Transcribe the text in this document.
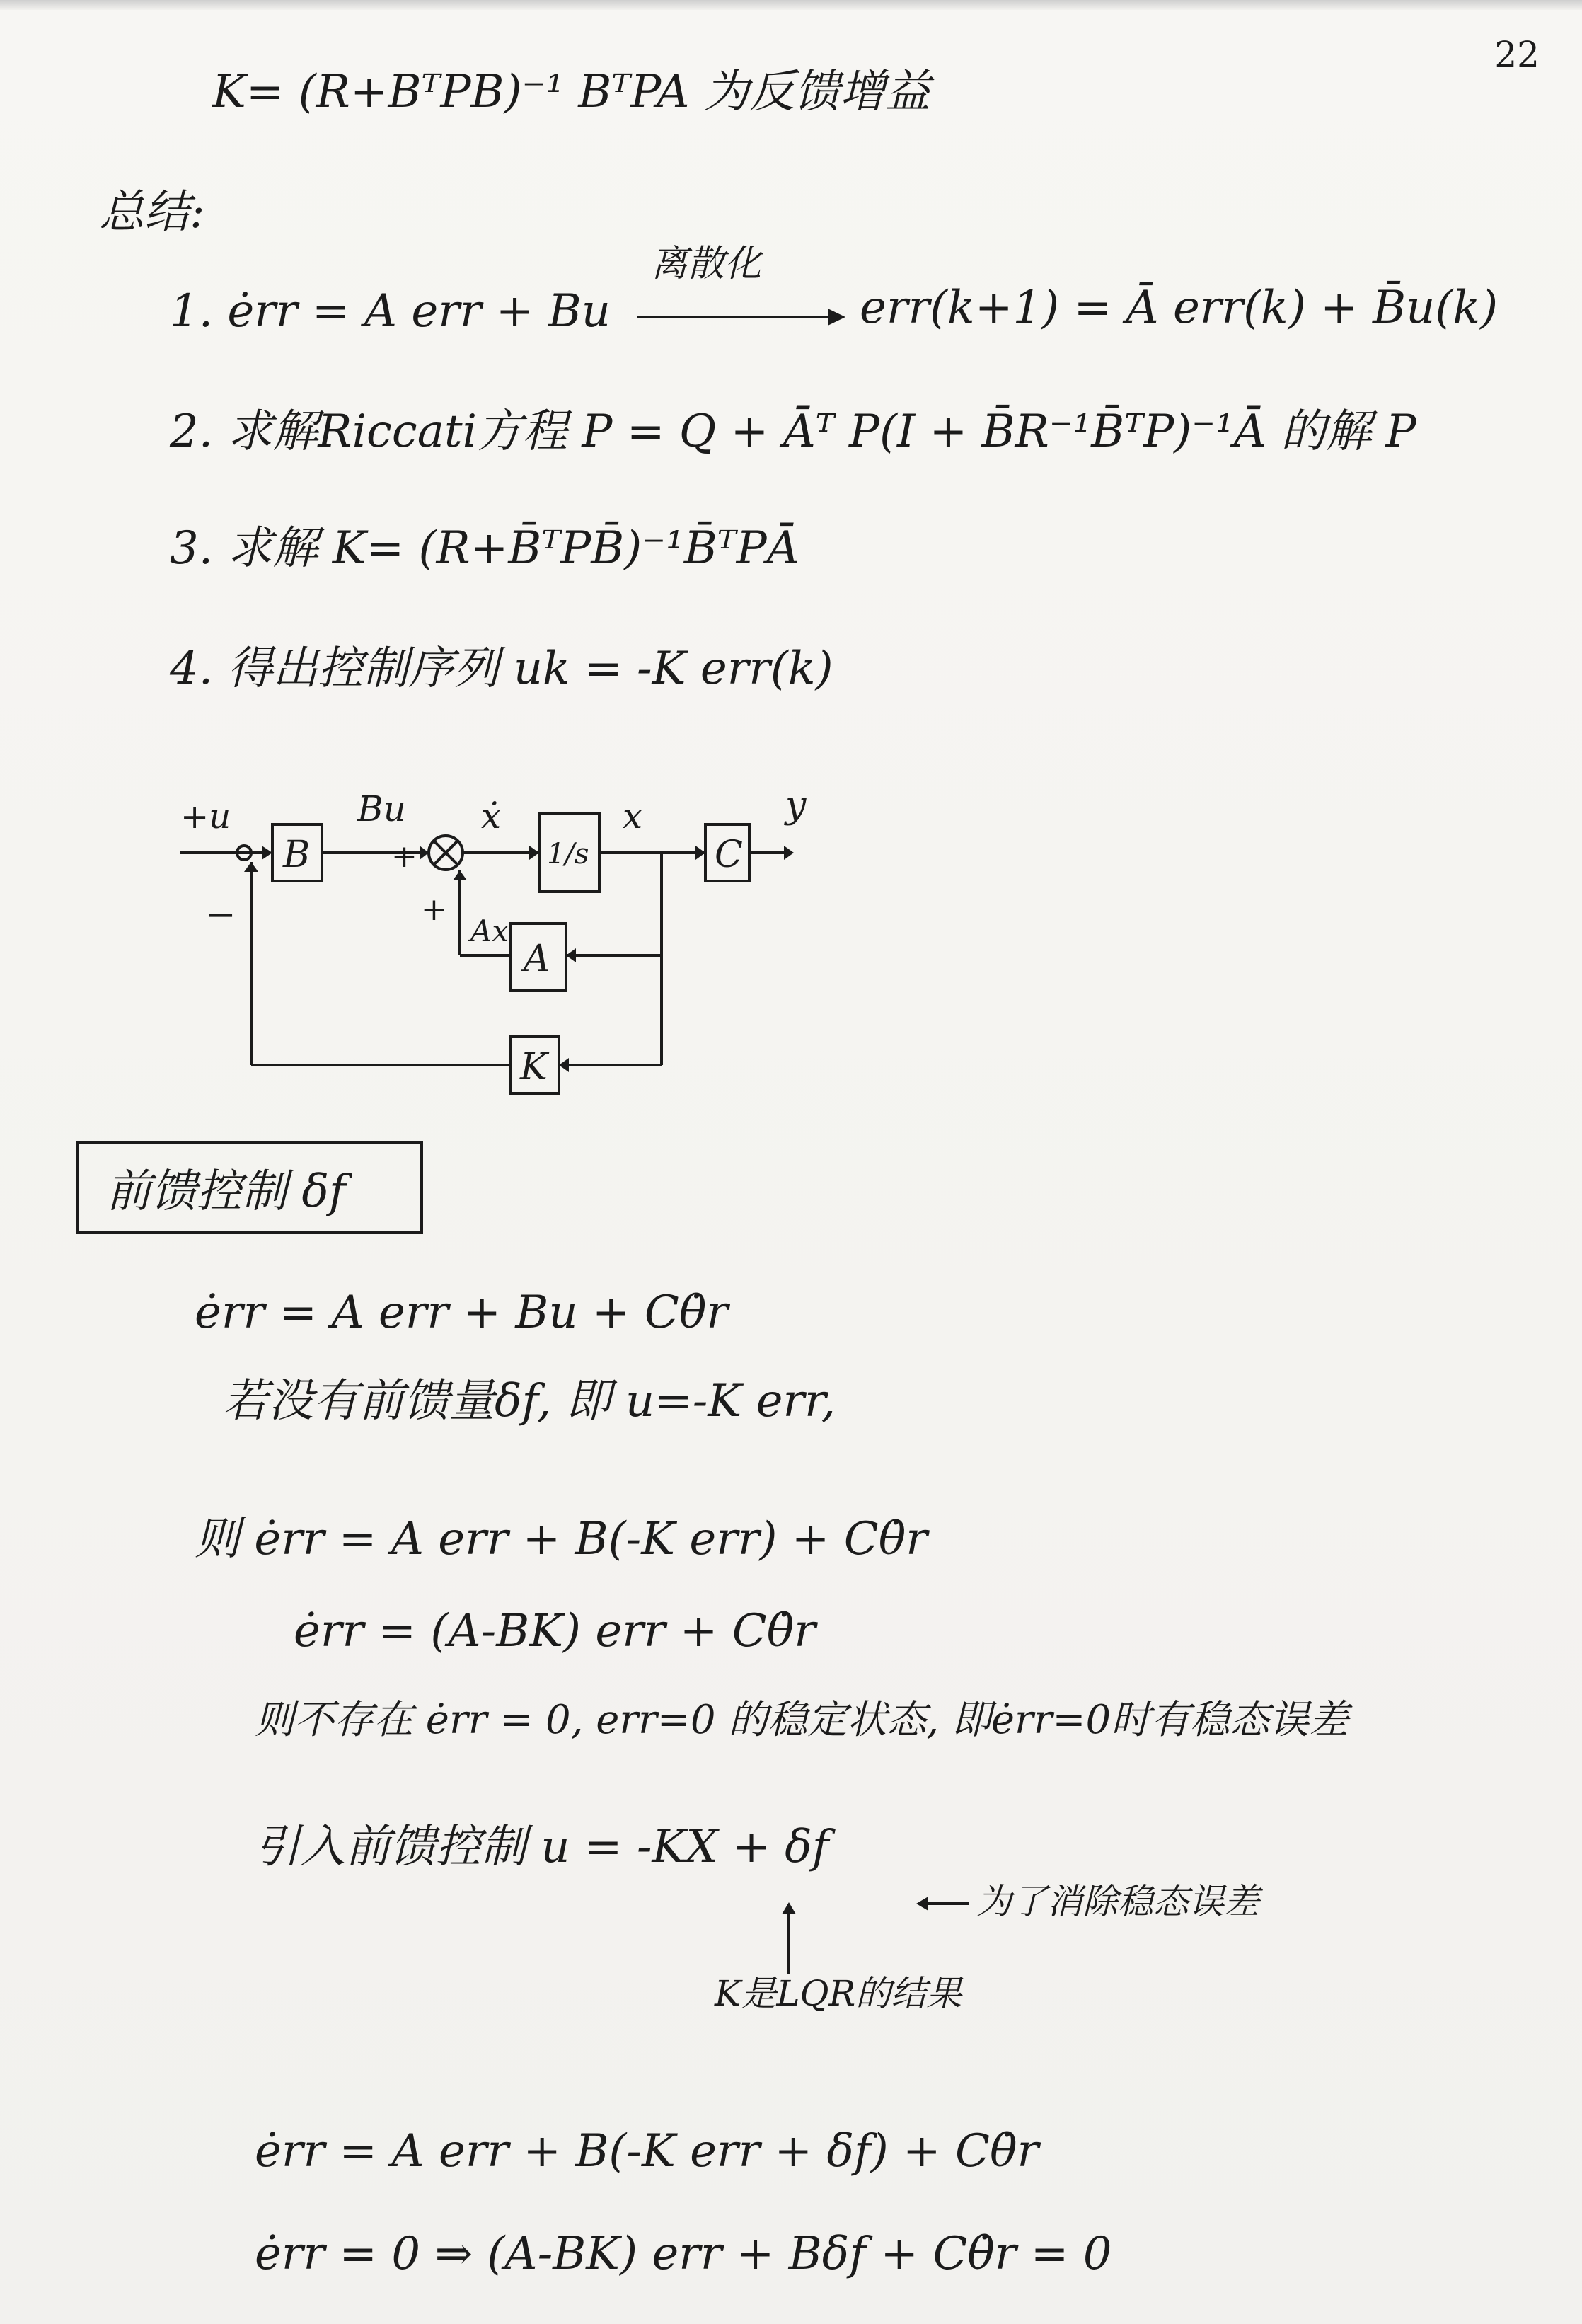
22
K= (R+BᵀPB)⁻¹ BᵀPA 为反馈增益
总结:
1. ėrr = A err + Bu
离散化
err(k+1) = Ā err(k) + B̄u(k)
2. 求解Riccati方程 P = Q + Āᵀ P(I + B̄R⁻¹B̄ᵀP)⁻¹Ā 的解 P
3. 求解 K= (R+B̄ᵀPB̄)⁻¹B̄ᵀPĀ
4. 得出控制序列 uk = -K err(k)
+u
−
B
Bu
+
+
ẋ
1/s
x
C
y
Ax
A
K
前馈控制 δf
ėrr = A err + Bu + Cθ̇r
若没有前馈量δf, 即 u=-K err,
则 ėrr = A err + B(-K err) + Cθ̇r
ėrr = (A-BK) err + Cθ̇r
则不存在 ėrr = 0, err=0 的稳定状态, 即ėrr=0时有稳态误差
引入前馈控制 u = -KX + δf
为了消除稳态误差
K是LQR的结果
ėrr = A err + B(-K err + δf) + Cθ̇r
ėrr = 0 ⇒ (A-BK) err + Bδf + Cθ̇r = 0
